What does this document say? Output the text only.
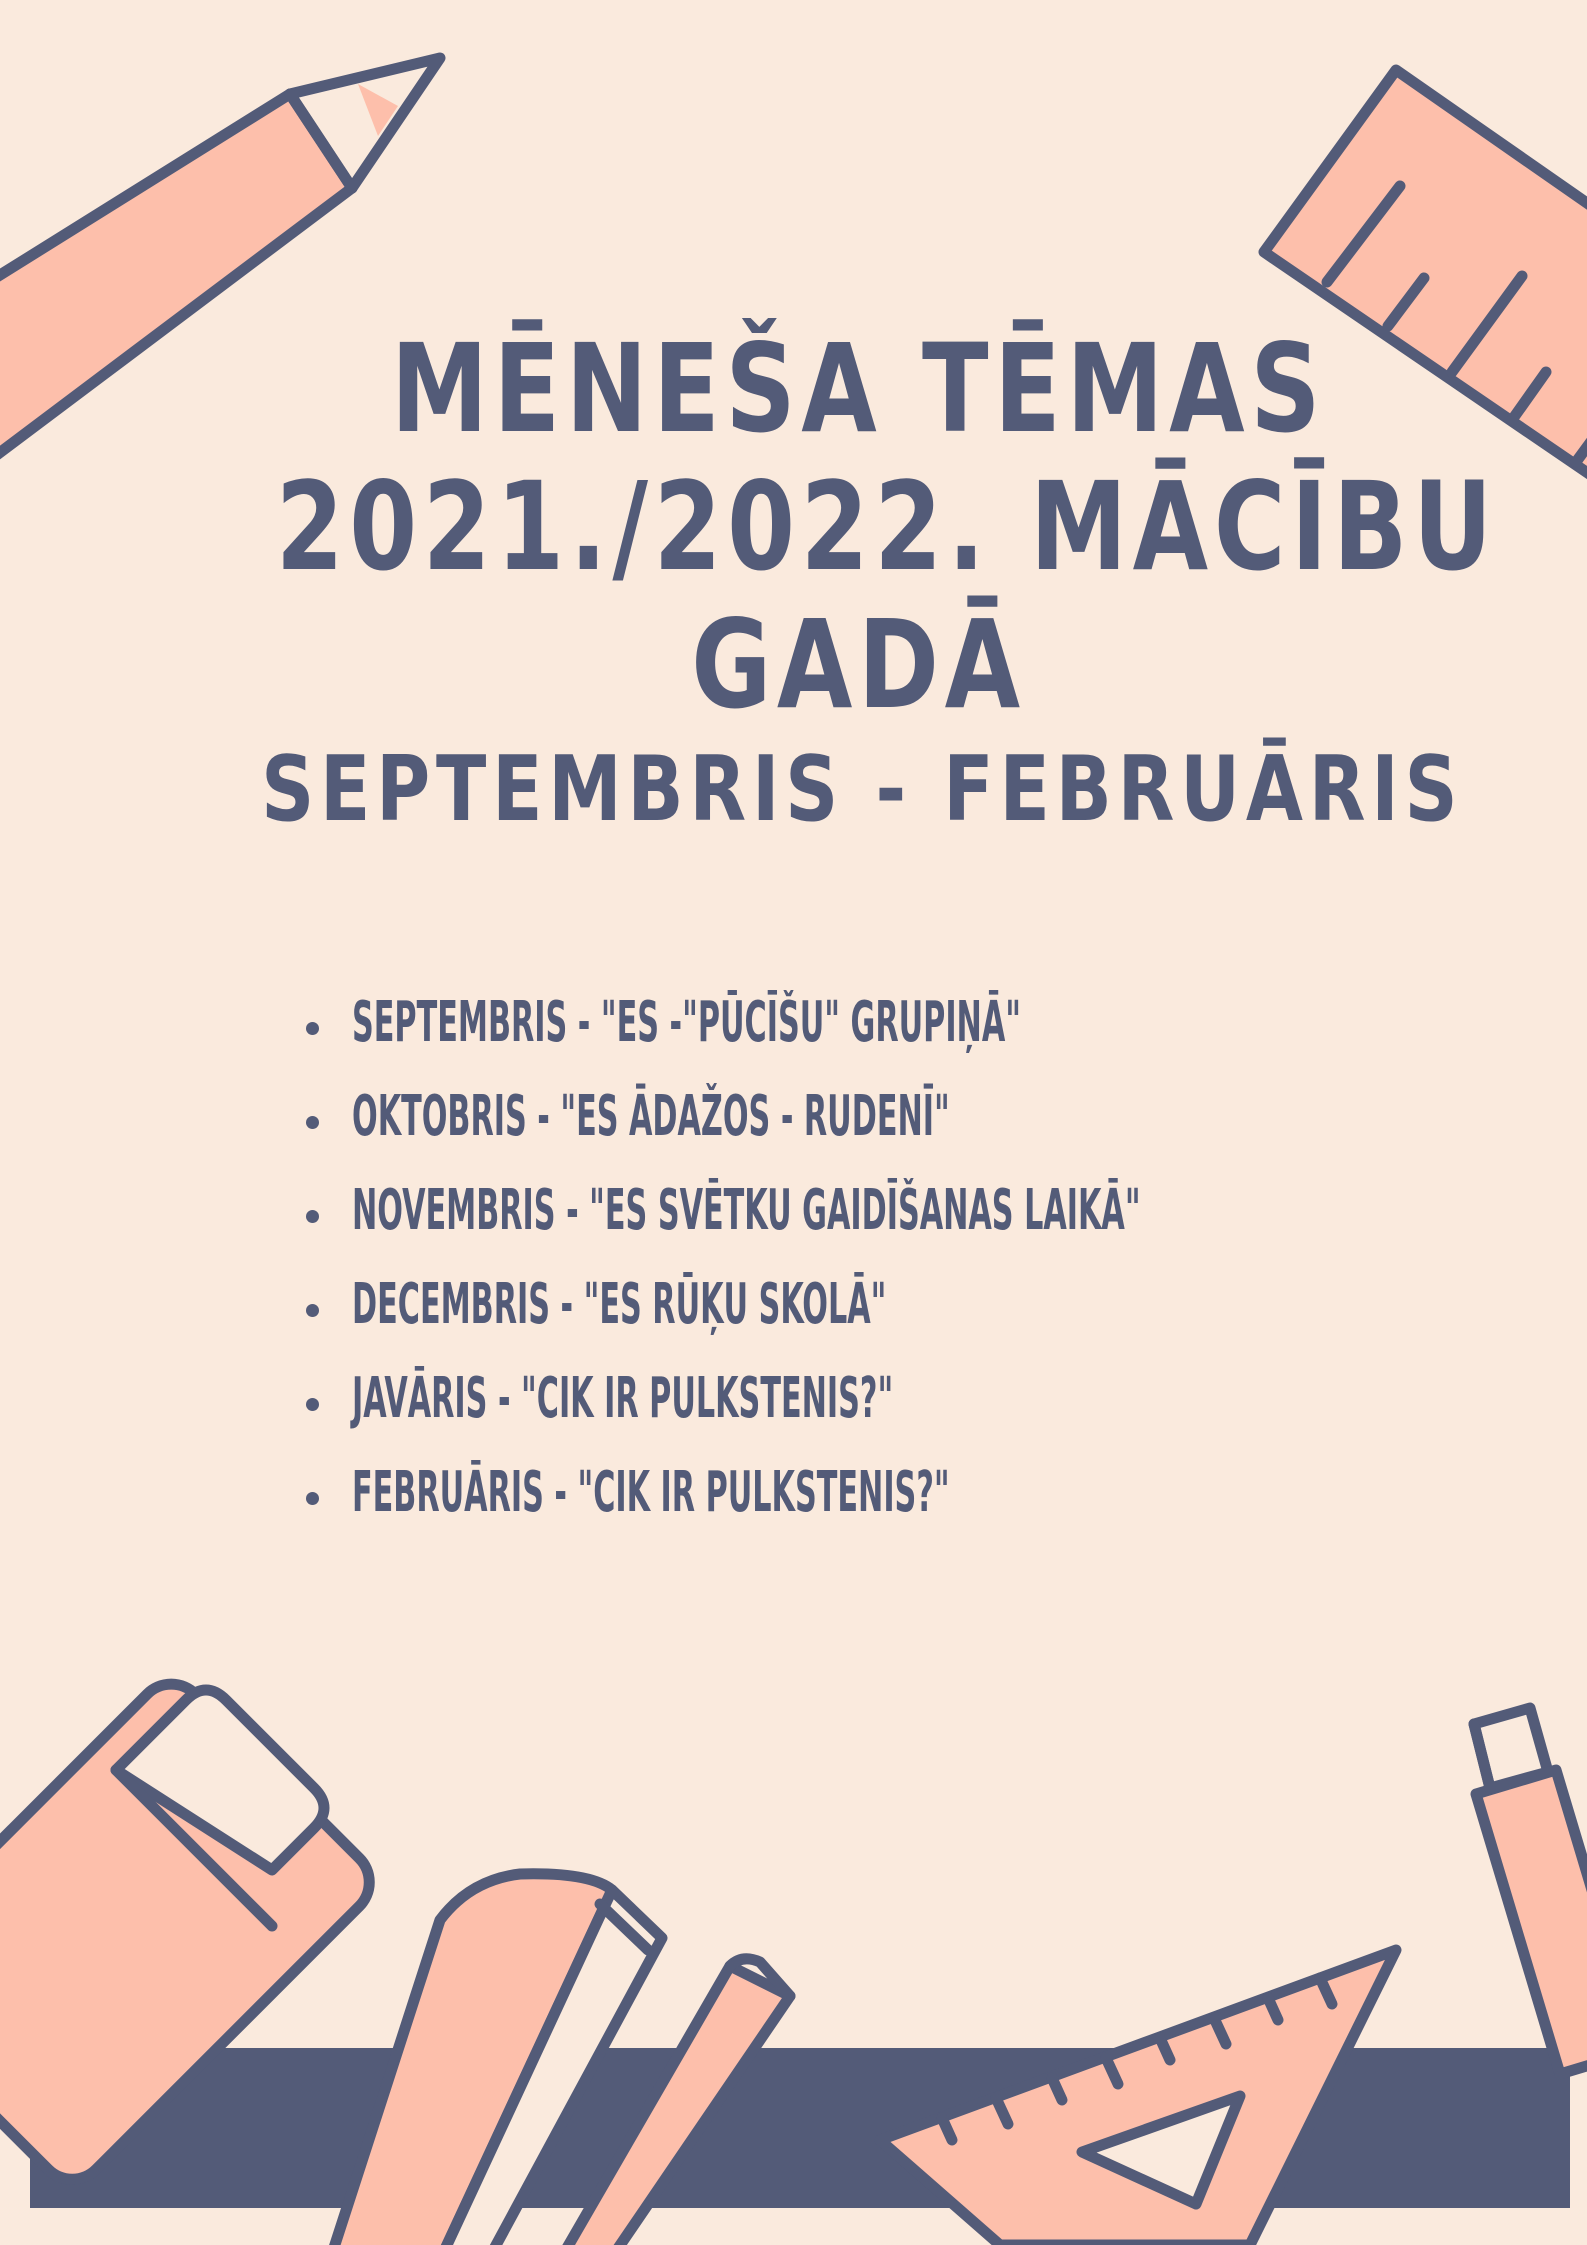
MĒNEŠA TĒMAS
2021./2022. MĀCĪBU
GADĀ
SEPTEMBRIS - FEBRUĀRIS
SEPTEMBRIS - "ES -"PŪCĪŠU" GRUPIŅĀ"
OKTOBRIS - "ES ĀDAŽOS - RUDENĪ"
NOVEMBRIS - "ES SVĒTKU GAIDĪŠANAS LAIKĀ"
DECEMBRIS - "ES RŪĶU SKOLĀ"
JAVĀRIS - "CIK IR PULKSTENIS?"
FEBRUĀRIS - "CIK IR PULKSTENIS?"
